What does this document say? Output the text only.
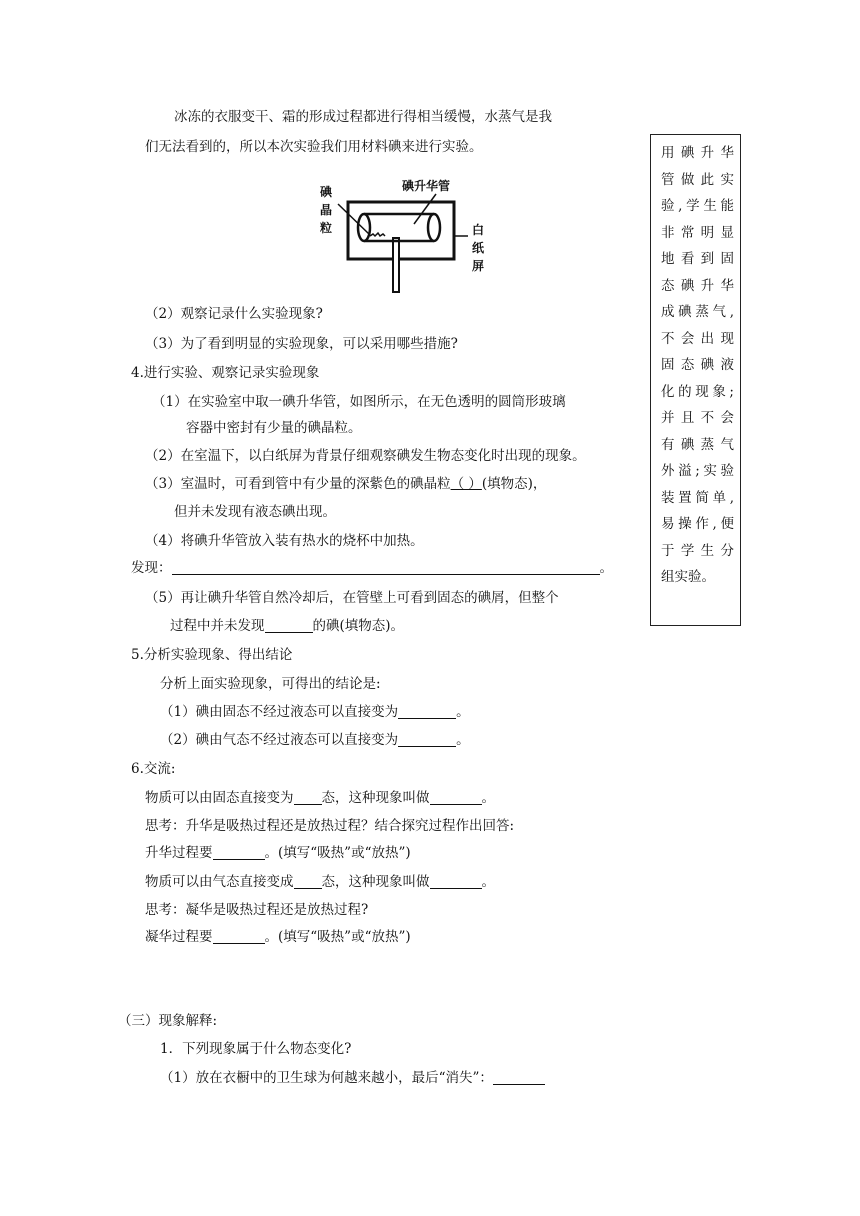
冰冻的衣服变干、霜的形成过程都进行得相当缓慢，水蒸气是我
们无法看到的，所以本次实验我们用材料碘来进行实验。
碘升华管
碘
晶
粒	白
纸
屏
用碘升华
管做此实
验,学生能
非常明显
地看到固
态碘升华
成碘蒸气,
不会出现
固态碘液
化的现象;
并且不会
有碘蒸气
外溢;实验
装置简单,
易操作,便
于学生分
组实验。
（2）观察记录什么实验现象?
（3）为了看到明显的实验现象，可以采用哪些措施?
4.进行实验、观察记录实验现象
（1）在实验室中取一碘升华管，如图所示，在无色透明的圆筒形玻璃
容器中密封有少量的碘晶粒。
（2）在室温下，以白纸屏为背景仔细观察碘发生物态变化时出现的现象。
（3）室温时，可看到管中有少量的深紫色的碘晶粒（ ）(填物态)，
但并未发现有液态碘出现。
（4）将碘升华管放入装有热水的烧杯中加热。
发现：	。
（5）再让碘升华管自然冷却后，在管壁上可看到固态的碘屑，但整个
过程中并未发现	的碘(填物态)。
5.分析实验现象、得出结论
分析上面实验现象，可得出的结论是:
（1）碘由固态不经过液态可以直接变为	。
（2）碘由气态不经过液态可以直接变为	。
6.交流:
物质可以由固态直接变为 态，这种现象叫做	。
思考：升华是吸热过程还是放热过程？结合探究过程作出回答:
升华过程要	。(填写“吸热”或“放热”)
物质可以由气态直接变成 态，这种现象叫做	。
思考：凝华是吸热过程还是放热过程?
凝华过程要	。(填写“吸热”或“放热”)
（三）现象解释:
1．下列现象属于什么物态变化?
（1）放在衣橱中的卫生球为何越来越小，最后“消失”：
